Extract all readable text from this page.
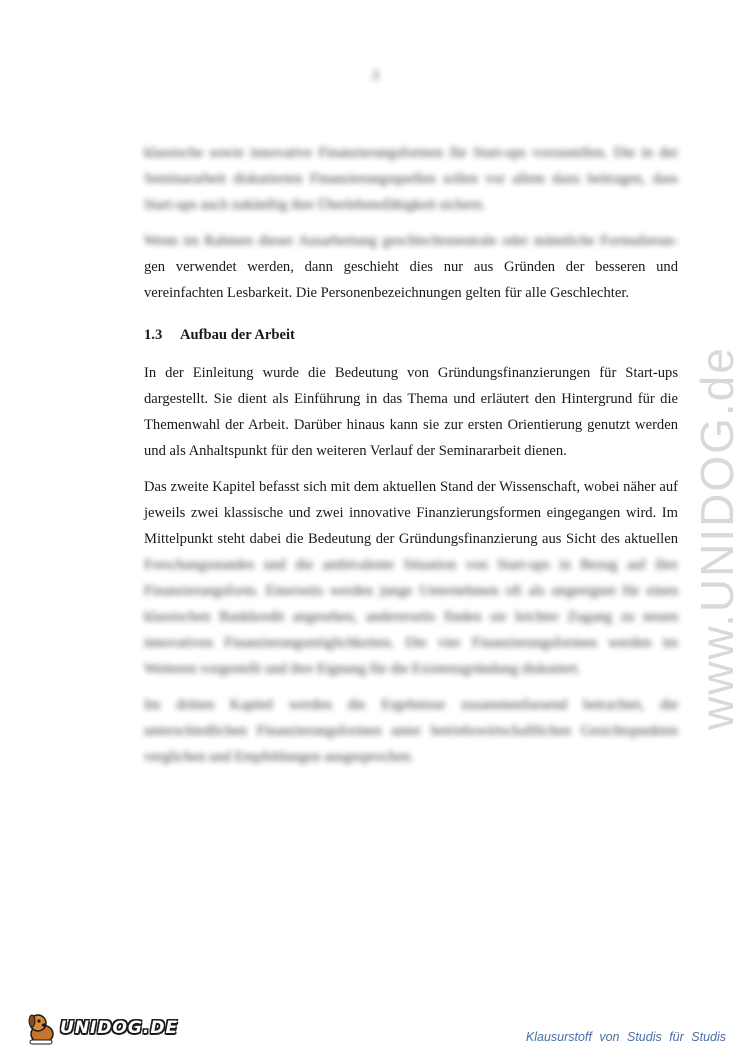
3

klassische sowie innovative Finanzierungsformen für Start-ups vorzustellen. Die in der Seminararbeit diskutierten Finanzierungsquellen sollen vor allem dazu beitragen, dass Start-ups auch zukünftig ihre Überlebensfähigkeit sichern.

Wenn im Rahmen dieser Ausarbeitung geschlechtsneutrale oder männliche Formulierun- gen verwendet werden, dann geschieht dies nur aus Gründen der besseren und vereinfachten Lesbarkeit. Die Personenbezeichnungen gelten für alle Geschlechter.

1.3 Aufbau der Arbeit

In der Einleitung wurde die Bedeutung von Gründungsfinanzierungen für Start-ups dargestellt. Sie dient als Einführung in das Thema und erläutert den Hintergrund für die Themenwahl der Arbeit. Darüber hinaus kann sie zur ersten Orientierung genutzt werden und als Anhaltspunkt für den weiteren Verlauf der Seminararbeit dienen.

Das zweite Kapitel befasst sich mit dem aktuellen Stand der Wissenschaft, wobei näher auf jeweils zwei klassische und zwei innovative Finanzierungsformen eingegangen wird. Im Mittelpunkt steht dabei die Bedeutung der Gründungsfinanzierung aus Sicht des aktuellen Forschungsstandes und die ambivalente Situation von Start-ups in Bezug auf ihre Finanzierungsform. Einerseits werden junge Unternehmen oft als ungeeignet für einen klassischen Bankkredit angesehen, andererseits finden sie leichter Zugang zu neuen innovativen Finanzierungsmöglichkeiten. Die vier Finanzierungsformen werden im Weiteren vorgestellt und ihre Eignung für die Existenzgründung diskutiert.

Im dritten Kapitel werden die Ergebnisse zusammenfassend betrachtet, die unterschiedlichen Finanzierungsformen unter betriebswirtschaftlichen Gesichtspunkten verglichen und Empfehlungen ausgesprochen.

www.UNIDOG.de
UNIDOG.DE	Klausurstoff von Studis für Studis
